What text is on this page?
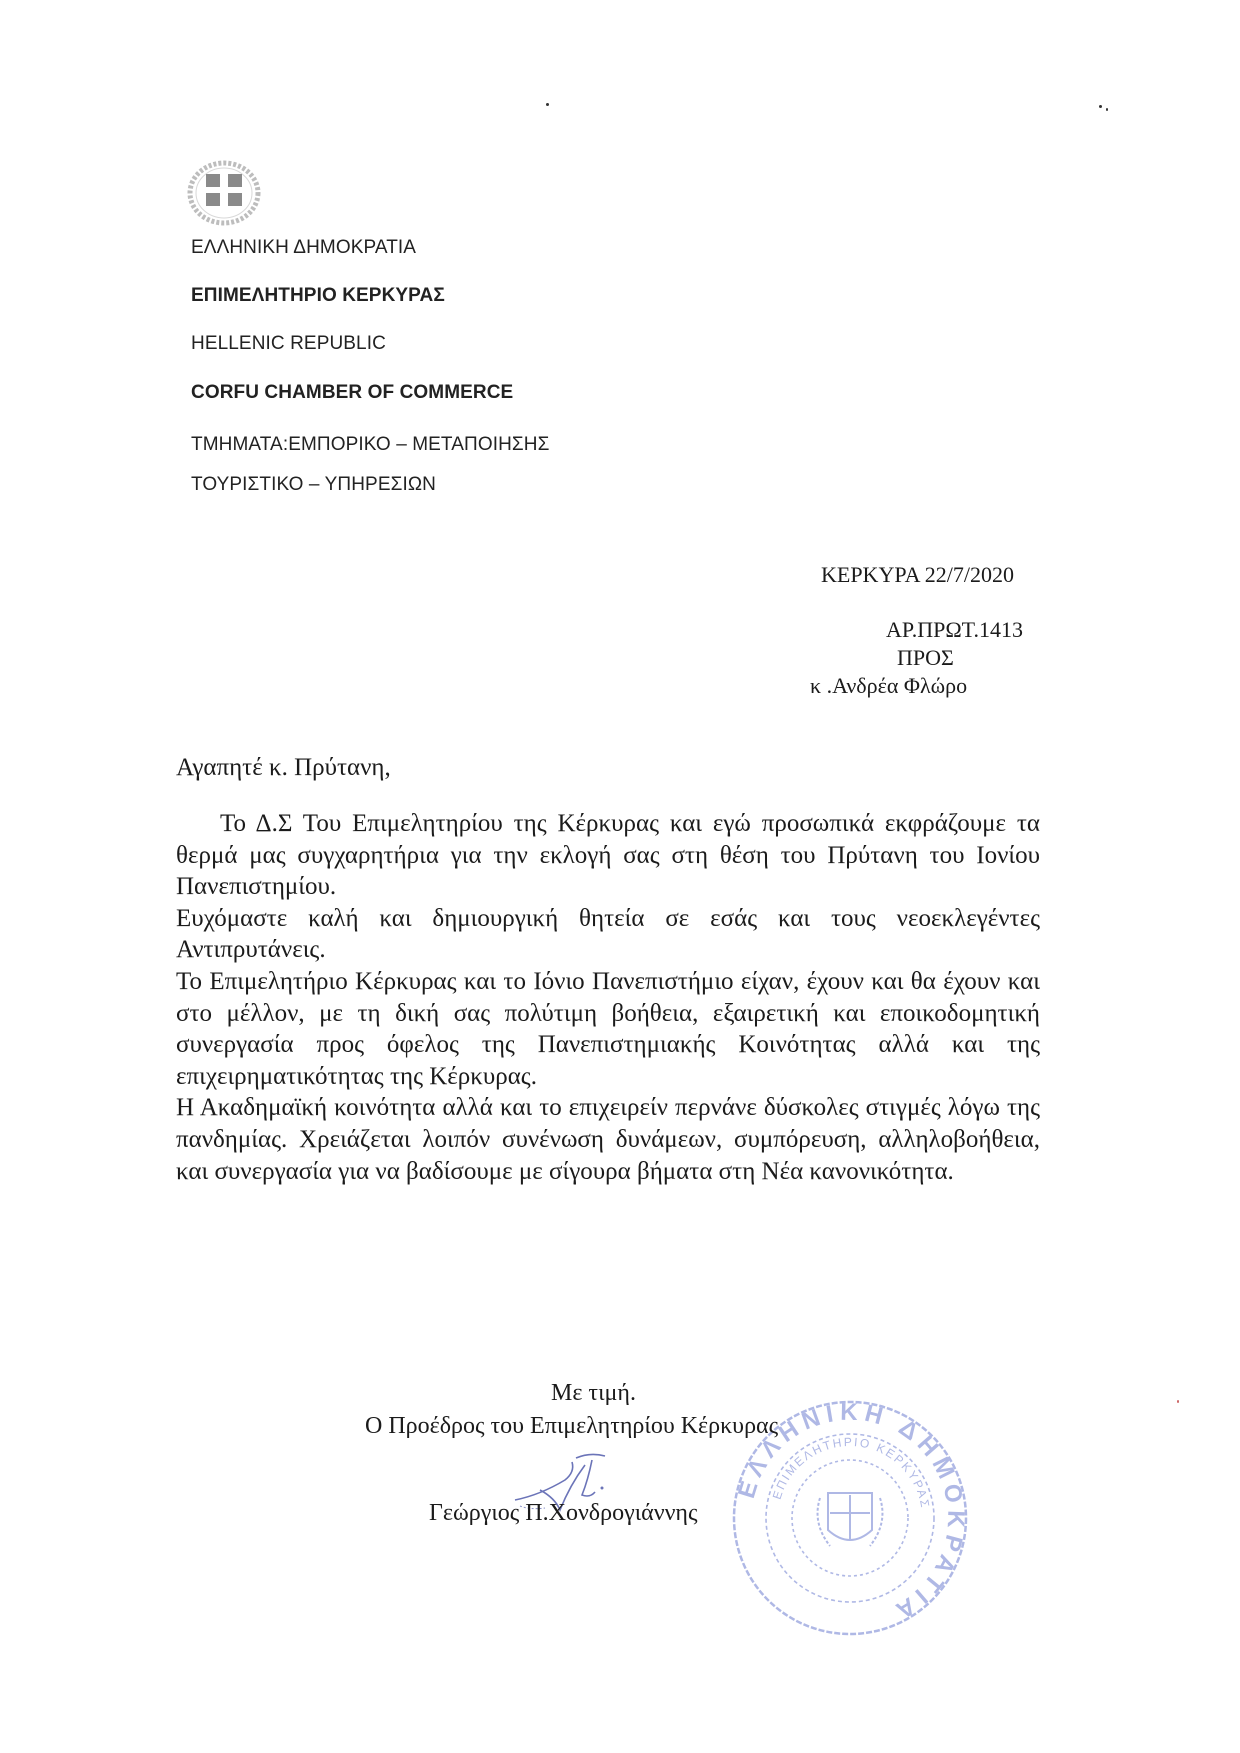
ΕΛΛΗΝΙΚΗ ΔΗΜΟΚΡΑΤΙΑ
ΕΠΙΜΕΛΗΤΗΡΙΟ ΚΕΡΚΥΡΑΣ
HELLENIC REPUBLIC
CORFU CHAMBER OF COMMERCE
ΤΜΗΜΑΤΑ:ΕΜΠΟΡΙΚΟ – ΜΕΤΑΠΟΙΗΣΗΣ
ΤΟΥΡΙΣΤΙΚΟ – ΥΠΗΡΕΣΙΩΝ
ΚΕΡΚΥΡΑ 22/7/2020
ΑΡ.ΠΡΩΤ.1413
ΠΡΟΣ
κ .Ανδρέα Φλώρο
Αγαπητέ κ. Πρύτανη,

Το Δ.Σ Του Επιμελητηρίου της Κέρκυρας και εγώ προσωπικά εκφράζουμε τα θερμά μας συγχαρητήρια για την εκλογή σας στη θέση του Πρύτανη του Ιονίου Πανεπιστημίου.

Ευχόμαστε καλή και δημιουργική θητεία σε εσάς και τους νεοεκλεγέντες Αντιπρυτάνεις.

Το Επιμελητήριο Κέρκυρας και το Ιόνιο Πανεπιστήμιο είχαν, έχουν και θα έχουν και στο μέλλον, με τη δική σας πολύτιμη βοήθεια, εξαιρετική και εποικοδομητική συνεργασία προς όφελος της Πανεπιστημιακής Κοινότητας αλλά και της επιχειρηματικότητας της Κέρκυρας.

Η Ακαδημαϊκή κοινότητα αλλά και το επιχειρείν περνάνε δύσκολες στιγμές λόγω της πανδημίας. Χρειάζεται λοιπόν συνένωση δυνάμεων, συμπόρευση, αλληλοβοήθεια, και συνεργασία για να βαδίσουμε με σίγουρα βήματα στη Νέα κανονικότητα.

ΕΛΛΗΝΙΚΗ ΔΗΜΟΚΡΑΤΙΑ
ΕΠΙΜΕΛΗΤΗΡΙΟ ΚΕΡΚΥΡΑΣ
Με τιμή.
Ο Προέδρος του Επιμελητηρίου Κέρκυρας
Γεώργιος Π.Χονδρογιάννης
